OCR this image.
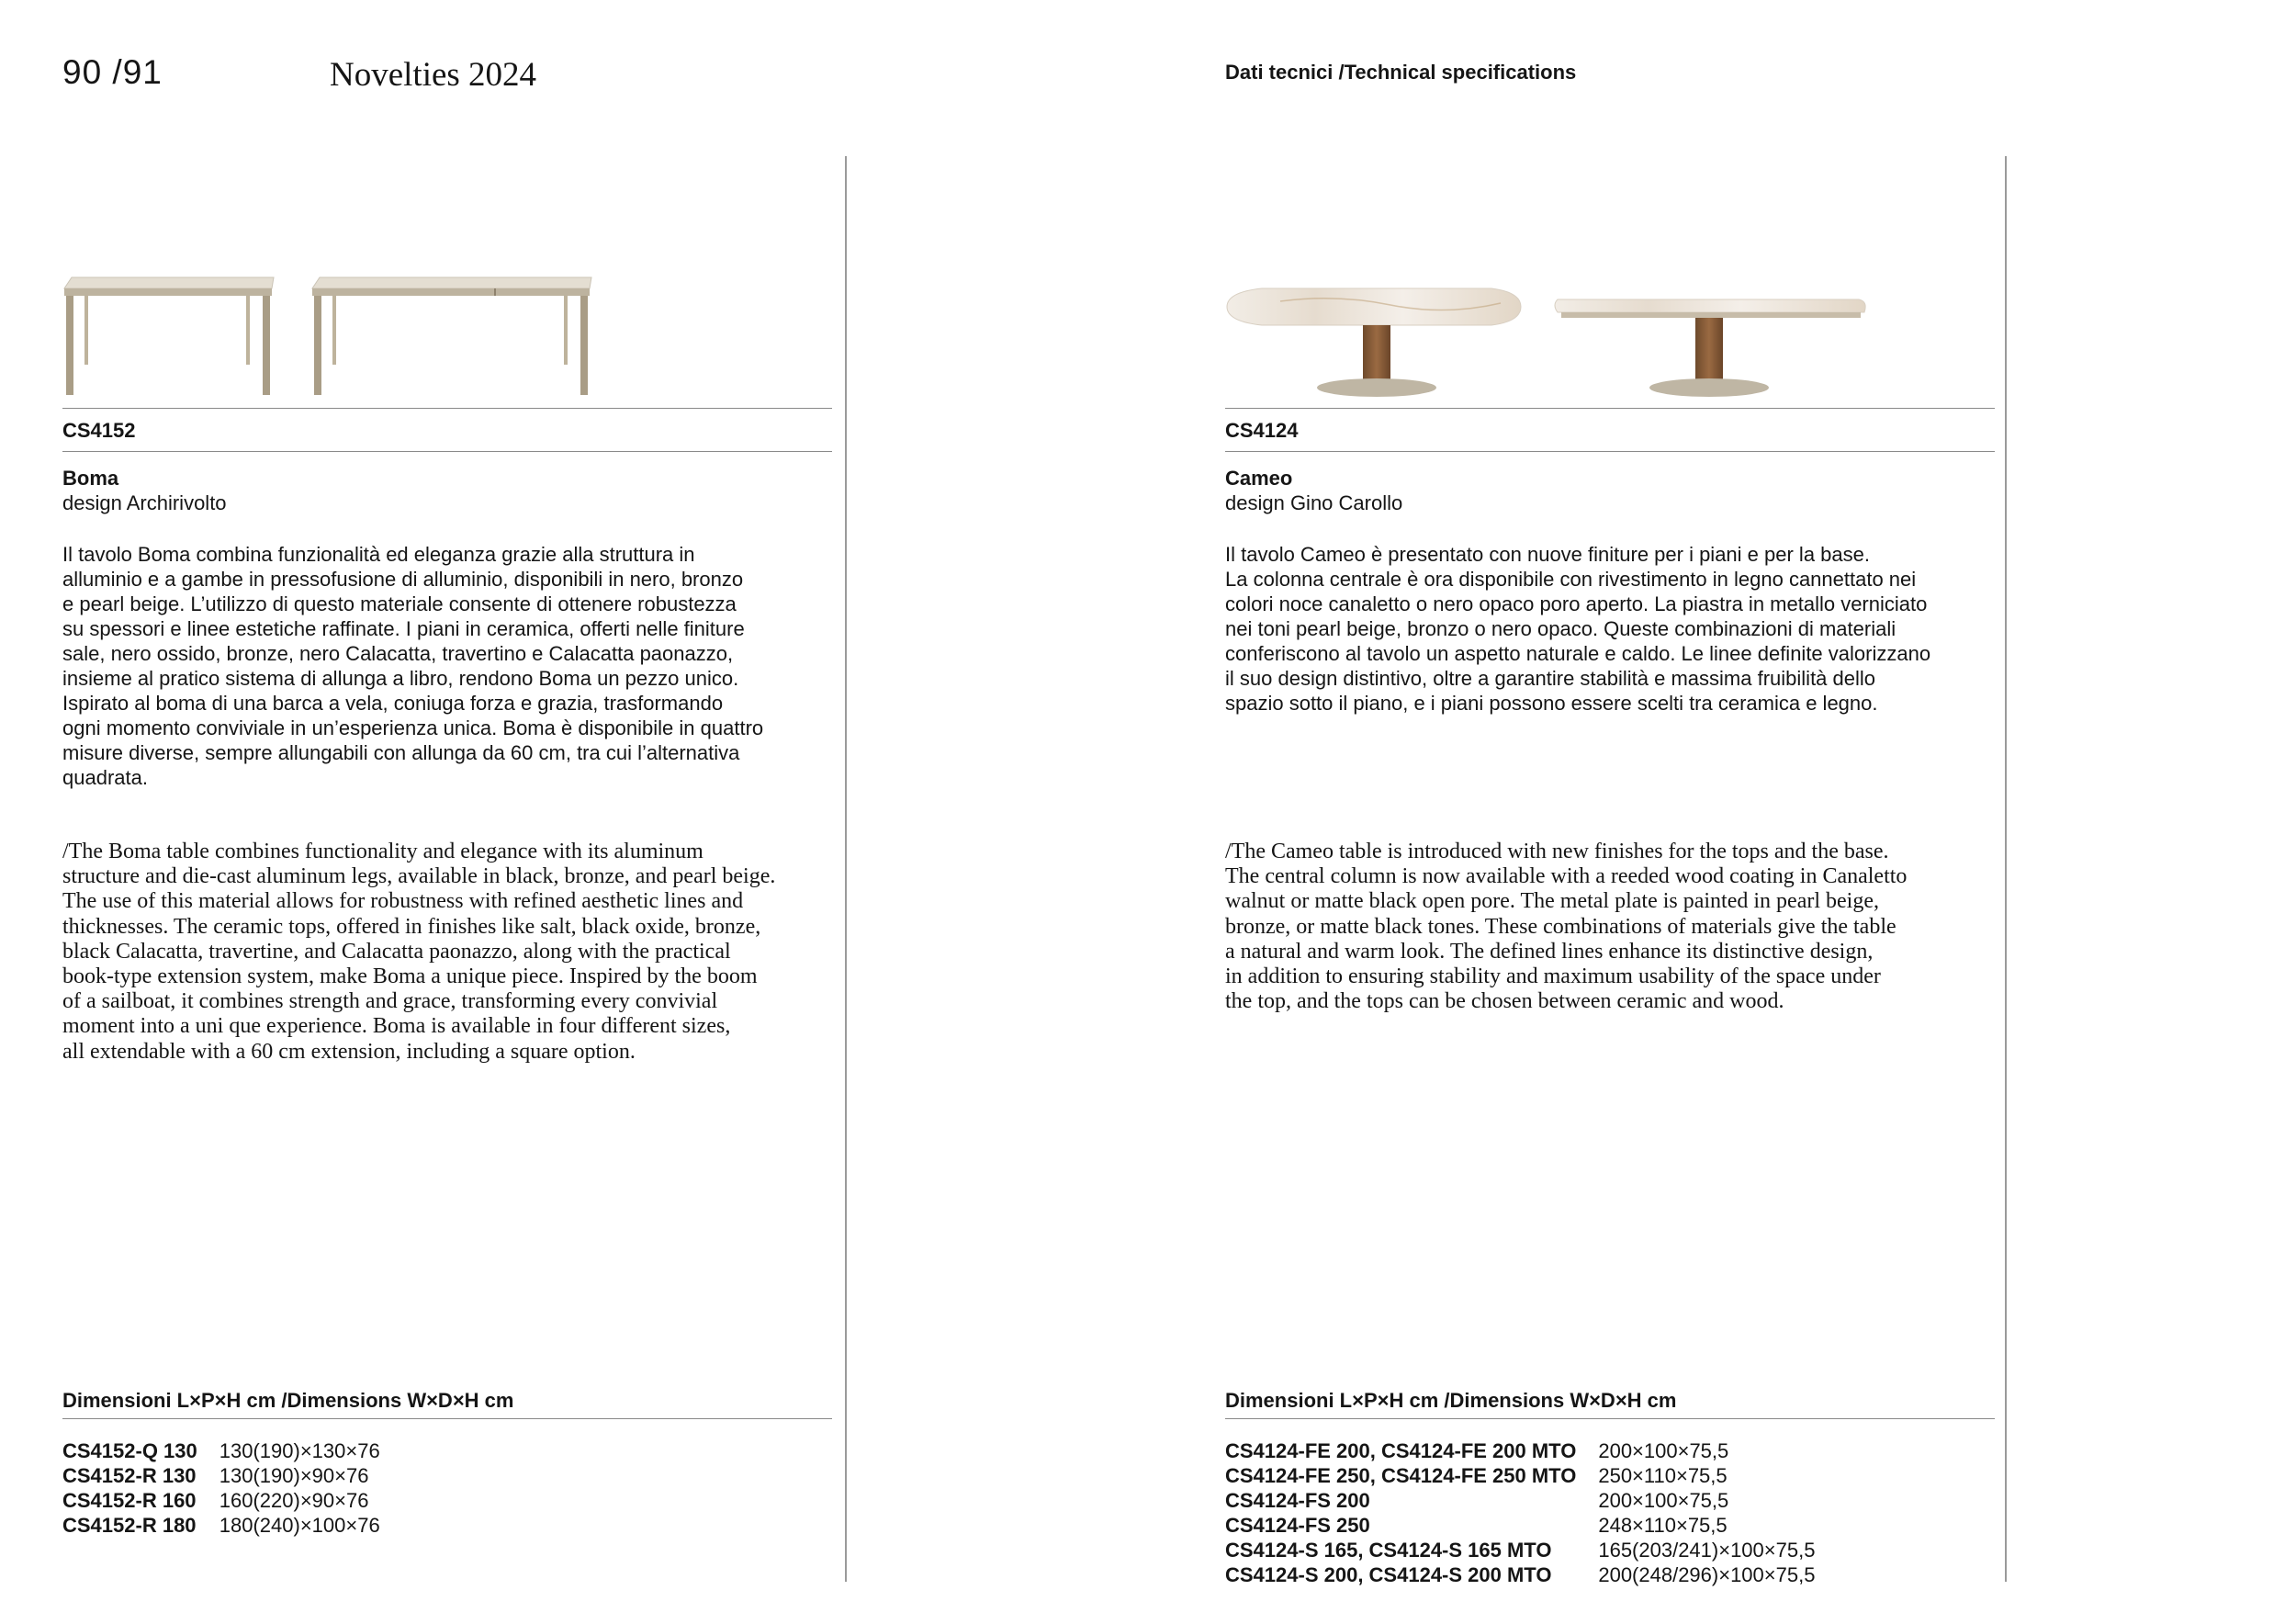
90 /91	Novelties 2024	Dati tecnici /Technical specifications
CS4152
Boma
design Archirivolto
Il tavolo Boma combina funzionalità ed eleganza grazie alla struttura in
alluminio e a gambe in pressofusione di alluminio, disponibili in nero, bronzo
e pearl beige. L’utilizzo di questo materiale consente di ottenere robustezza
su spessori e linee estetiche raffinate. I piani in ceramica, offerti nelle finiture
sale, nero ossido, bronze, nero Calacatta, travertino e Calacatta paonazzo,
insieme al pratico sistema di allunga a libro, rendono Boma un pezzo unico.
Ispirato al boma di una barca a vela, coniuga forza e grazia, trasformando
ogni momento conviviale in un’esperienza unica. Boma è disponibile in quattro
misure diverse, sempre allungabili con allunga da 60 cm, tra cui l’alternativa
quadrata.
/The Boma table combines functionality and elegance with its aluminum
structure and die-cast aluminum legs, available in black, bronze, and pearl beige.
The use of this material allows for robustness with refined aesthetic lines and
thicknesses. The ceramic tops, offered in finishes like salt, black oxide, bronze,
black Calacatta, travertine, and Calacatta paonazzo, along with the practical
book-type extension system, make Boma a unique piece. Inspired by the boom
of a sailboat, it combines strength and grace, transforming every convivial
moment into a uni que experience. Boma is available in four different sizes,
all extendable with a 60 cm extension, including a square option.
Dimensioni L×P×H cm /Dimensions W×D×H cm
CS4152-Q 130	130(190)×130×76
CS4152-R 130	130(190)×90×76
CS4152-R 160	160(220)×90×76
CS4152-R 180	180(240)×100×76
CS4124
Cameo
design Gino Carollo
Il tavolo Cameo è presentato con nuove finiture per i piani e per la base.
La colonna centrale è ora disponibile con rivestimento in legno cannettato nei
colori noce canaletto o nero opaco poro aperto. La piastra in metallo verniciato
nei toni pearl beige, bronzo o nero opaco. Queste combinazioni di materiali
conferiscono al tavolo un aspetto naturale e caldo. Le linee definite valorizzano
il suo design distintivo, oltre a garantire stabilità e massima fruibilità dello
spazio sotto il piano, e i piani possono essere scelti tra ceramica e legno.
/The Cameo table is introduced with new finishes for the tops and the base.
The central column is now available with a reeded wood coating in Canaletto
walnut or matte black open pore. The metal plate is painted in pearl beige,
bronze, or matte black tones. These combinations of materials give the table
a natural and warm look. The defined lines enhance its distinctive design,
in addition to ensuring stability and maximum usability of the space under
the top, and the tops can be chosen between ceramic and wood.
Dimensioni L×P×H cm /Dimensions W×D×H cm
CS4124-FE 200, CS4124-FE 200 MTO	200×100×75,5
CS4124-FE 250, CS4124-FE 250 MTO	250×110×75,5
CS4124-FS 200	200×100×75,5
CS4124-FS 250	248×110×75,5
CS4124-S 165, CS4124-S 165 MTO	165(203/241)×100×75,5
CS4124-S 200, CS4124-S 200 MTO	200(248/296)×100×75,5
